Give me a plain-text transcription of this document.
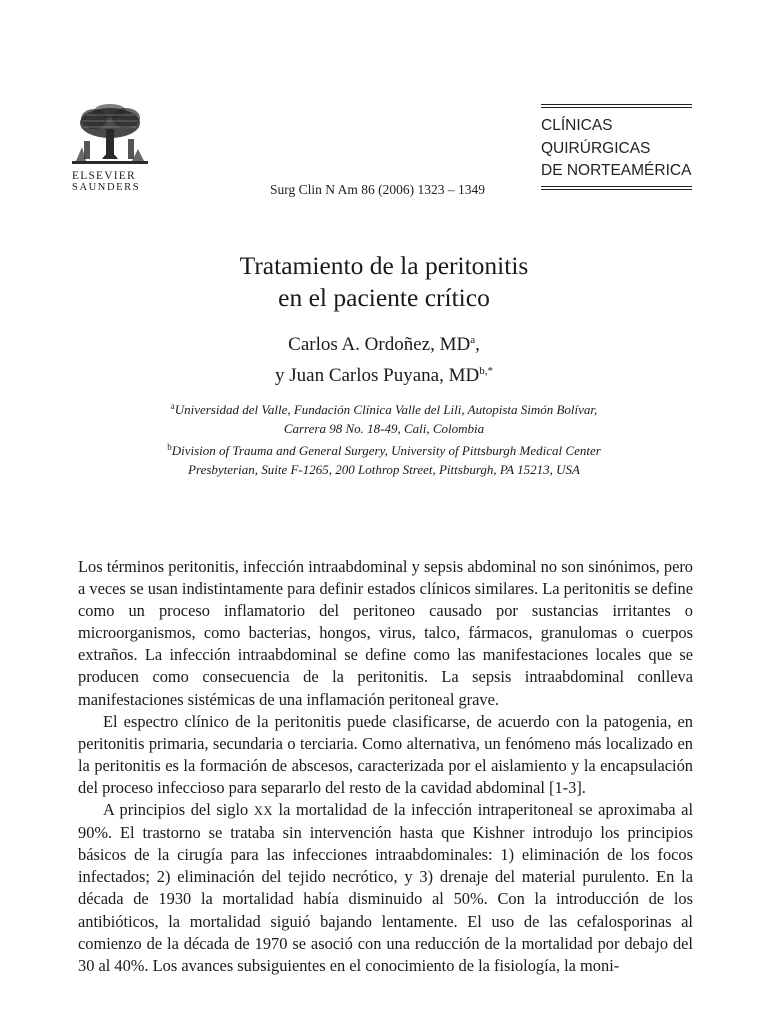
ELSEVIER
SAUNDERS	Surg Clin N Am 86 (2006) 1323 – 1349
CLÍNICAS
QUIRÚRGICAS
DE NORTEAMÉRICA
Tratamiento de la peritonitis
en el paciente crítico
Carlos A. Ordoñez, $MD^a$,
y Juan Carlos Puyana, $MD^{b,*}$
$^a$Universidad del Valle, Fundación Clínica Valle del Lili, Autopista Simón Bolívar,
Carrera 98 No. 18-49, Cali, Colombia
$^b$Division of Trauma and General Surgery, University of Pittsburgh Medical Center
Presbyterian, Suite F-1265, 200 Lothrop Street, Pittsburgh, PA 15213, USA

Los términos peritonitis, infección intraabdominal y sepsis abdominal no son sinónimos, pero a veces se usan indistintamente para definir estados clínicos similares. La peritonitis se define como un proceso inflamatorio del peritoneo causado por sustancias irritantes o microorganismos, como bacterias, hongos, virus, talco, fármacos, granulomas o cuerpos extraños. La infección intraabdominal se define como las manifestaciones locales que se producen como consecuencia de la peritonitis. La sepsis intraabdominal conlleva manifestaciones sistémicas de una inflamación peritoneal grave.

El espectro clínico de la peritonitis puede clasificarse, de acuerdo con la patogenia, en peritonitis primaria, secundaria o terciaria. Como alternativa, un fenómeno más localizado en la peritonitis es la formación de abscesos, caracterizada por el aislamiento y la encapsulación del proceso infeccioso para separarlo del resto de la cavidad abdominal [1-3].

A principios del siglo XX la mortalidad de la infección intraperitoneal se aproximaba al 90%. El trastorno se trataba sin intervención hasta que Kishner introdujo los principios básicos de la cirugía para las infecciones intraabdominales: 1) eliminación de los focos infectados; 2) eliminación del tejido necrótico, y 3) drenaje del material purulento. En la década de 1930 la mortalidad había disminuido al 50%. Con la introducción de los antibióticos, la mortalidad siguió bajando lentamente. El uso de las cefalosporinas al comienzo de la década de 1970 se asoció con una reducción de la mortalidad por debajo del 30 al 40%. Los avances subsiguientes en el conocimiento de la fisiología, la moni-
